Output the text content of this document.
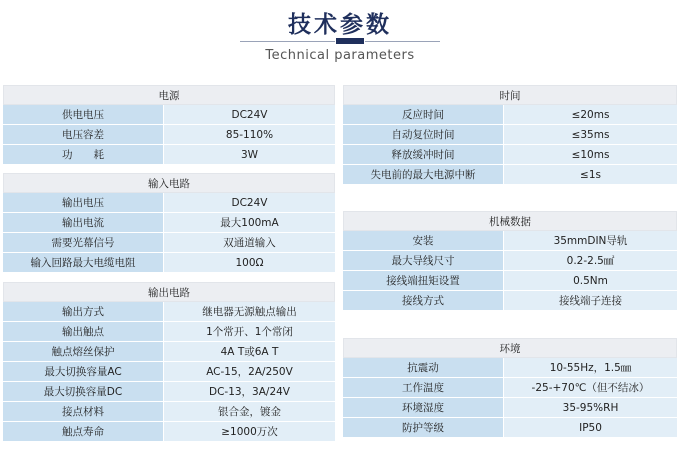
技术参数
Technical parameters
电源
供电电压	DC24V
电压容差	85-110%
功　　耗	3W
输入电路
输出电压	DC24V
输出电流	最大100mA
需要光幕信号	双通道输入
输入回路最大电缆电阻	100Ω
输出电路
输出方式	继电器无源触点输出
输出触点	1个常开、1个常闭
触点熔丝保护	4A T或6A T
最大切换容量AC	AC-15，2A/250V
最大切换容量DC	DC-13，3A/24V
接点材料	银合金，镀金
触点寿命	≥1000万次
时间
反应时间	≤20ms
自动复位时间	≤35ms
释放缓冲时间	≤10ms
失电前的最大电源中断	≤1s
机械数据
安装	35mmDIN导轨
最大导线尺寸	0.2-2.5㎟
接线端扭矩设置	0.5Nm
接线方式	接线端子连接
环境
抗震动	10-55Hz，1.5㎜
工作温度	-25-+70℃（但不结冰）
环境湿度	35-95%RH
防护等级	IP50
